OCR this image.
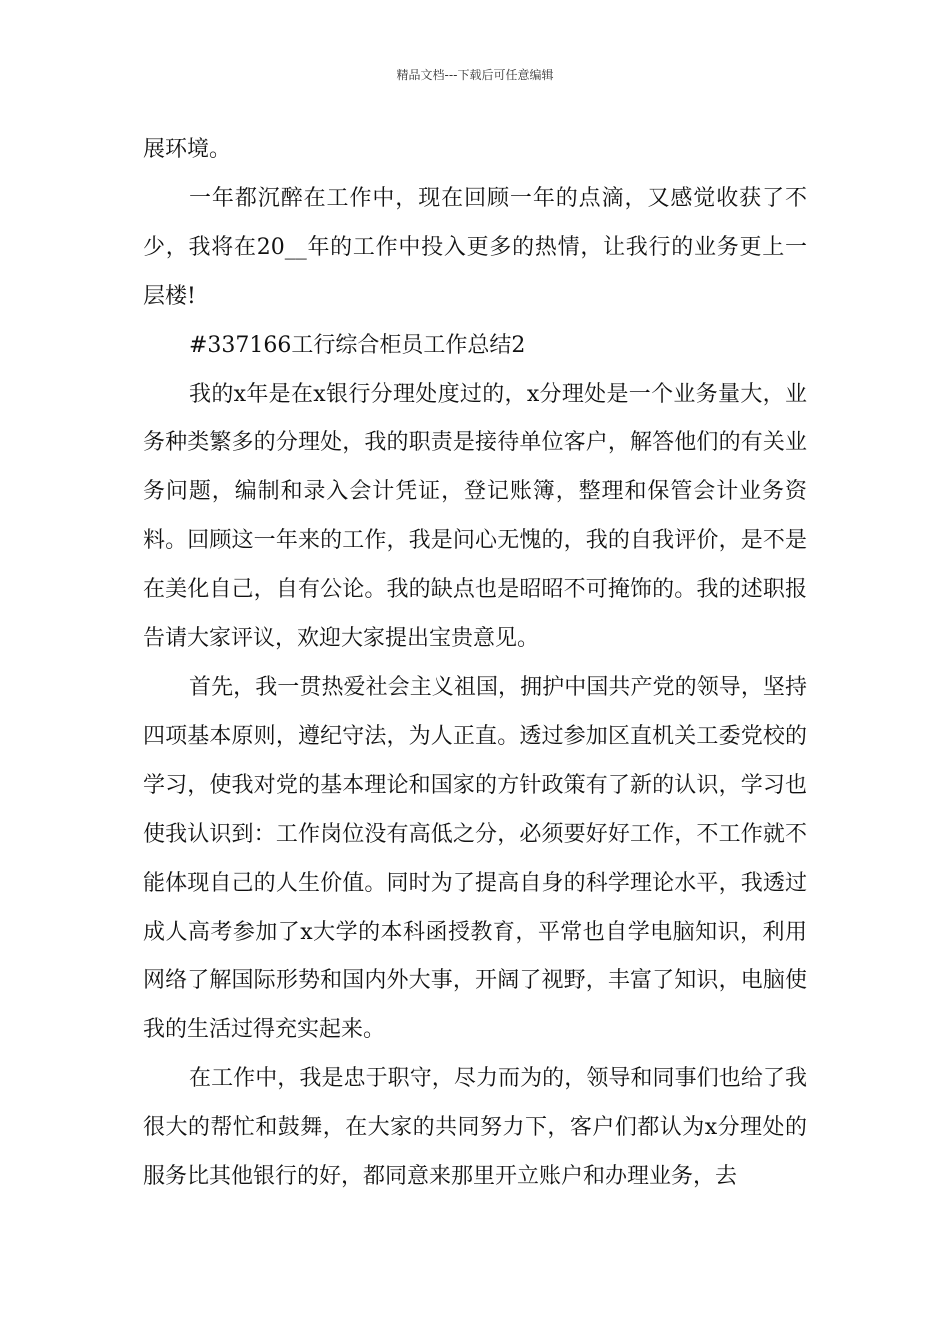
精品文档---下载后可任意编辑

展环境。

一年都沉醉在工作中，现在回顾一年的点滴，又感觉收获了不少，我将在20__年的工作中投入更多的热情，让我行的业务更上一层楼!

#337166工行综合柜员工作总结2

我的x年是在x银行分理处度过的，x分理处是一个业务量大，业务种类繁多的分理处，我的职责是接待单位客户，解答他们的有关业务问题，编制和录入会计凭证，登记账簿，整理和保管会计业务资料。回顾这一年来的工作，我是问心无愧的，我的自我评价，是不是在美化自己，自有公论。我的缺点也是昭昭不可掩饰的。我的述职报告请大家评议，欢迎大家提出宝贵意见。

首先，我一贯热爱社会主义祖国，拥护中国共产党的领导，坚持四项基本原则，遵纪守法，为人正直。透过参加区直机关工委党校的学习，使我对党的基本理论和国家的方针政策有了新的认识，学习也使我认识到：工作岗位没有高低之分，必须要好好工作，不工作就不能体现自己的人生价值。同时为了提高自身的科学理论水平，我透过成人高考参加了x大学的本科函授教育，平常也自学电脑知识，利用网络了解国际形势和国内外大事，开阔了视野，丰富了知识，电脑使我的生活过得充实起来。

在工作中，我是忠于职守，尽力而为的，领导和同事们也给了我很大的帮忙和鼓舞，在大家的共同努力下，客户们都认为x分理处的服务比其他银行的好，都同意来那里开立账户和办理业务，去
